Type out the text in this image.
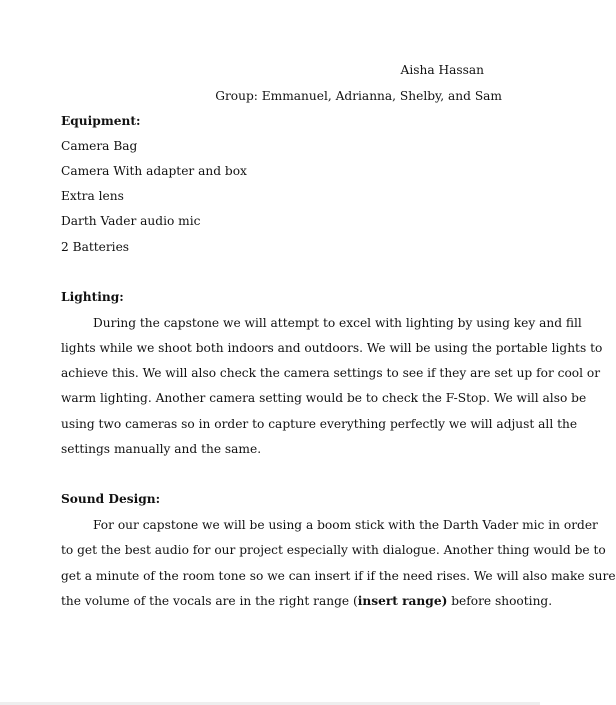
Aisha Hassan
Group: Emmanuel, Adrianna, Shelby, and Sam
Equipment:
Camera Bag
Camera With adapter and box
Extra lens
Darth Vader audio mic
2 Batteries
Lighting:
During the capstone we will attempt to excel with lighting by using key and fill
lights while we shoot both indoors and outdoors. We will be using the portable lights to
achieve this. We will also check the camera settings to see if they are set up for cool or
warm lighting. Another camera setting would be to check the F-Stop. We will also be
using two cameras so in order to capture everything perfectly we will adjust all the
settings manually and the same.
Sound Design:
For our capstone we will be using a boom stick with the Darth Vader mic in order
to get the best audio for our project especially with dialogue. Another thing would be to
get a minute of the room tone so we can insert if if the need rises. We will also make sure
the volume of the vocals are in the right range (insert range) before shooting.
